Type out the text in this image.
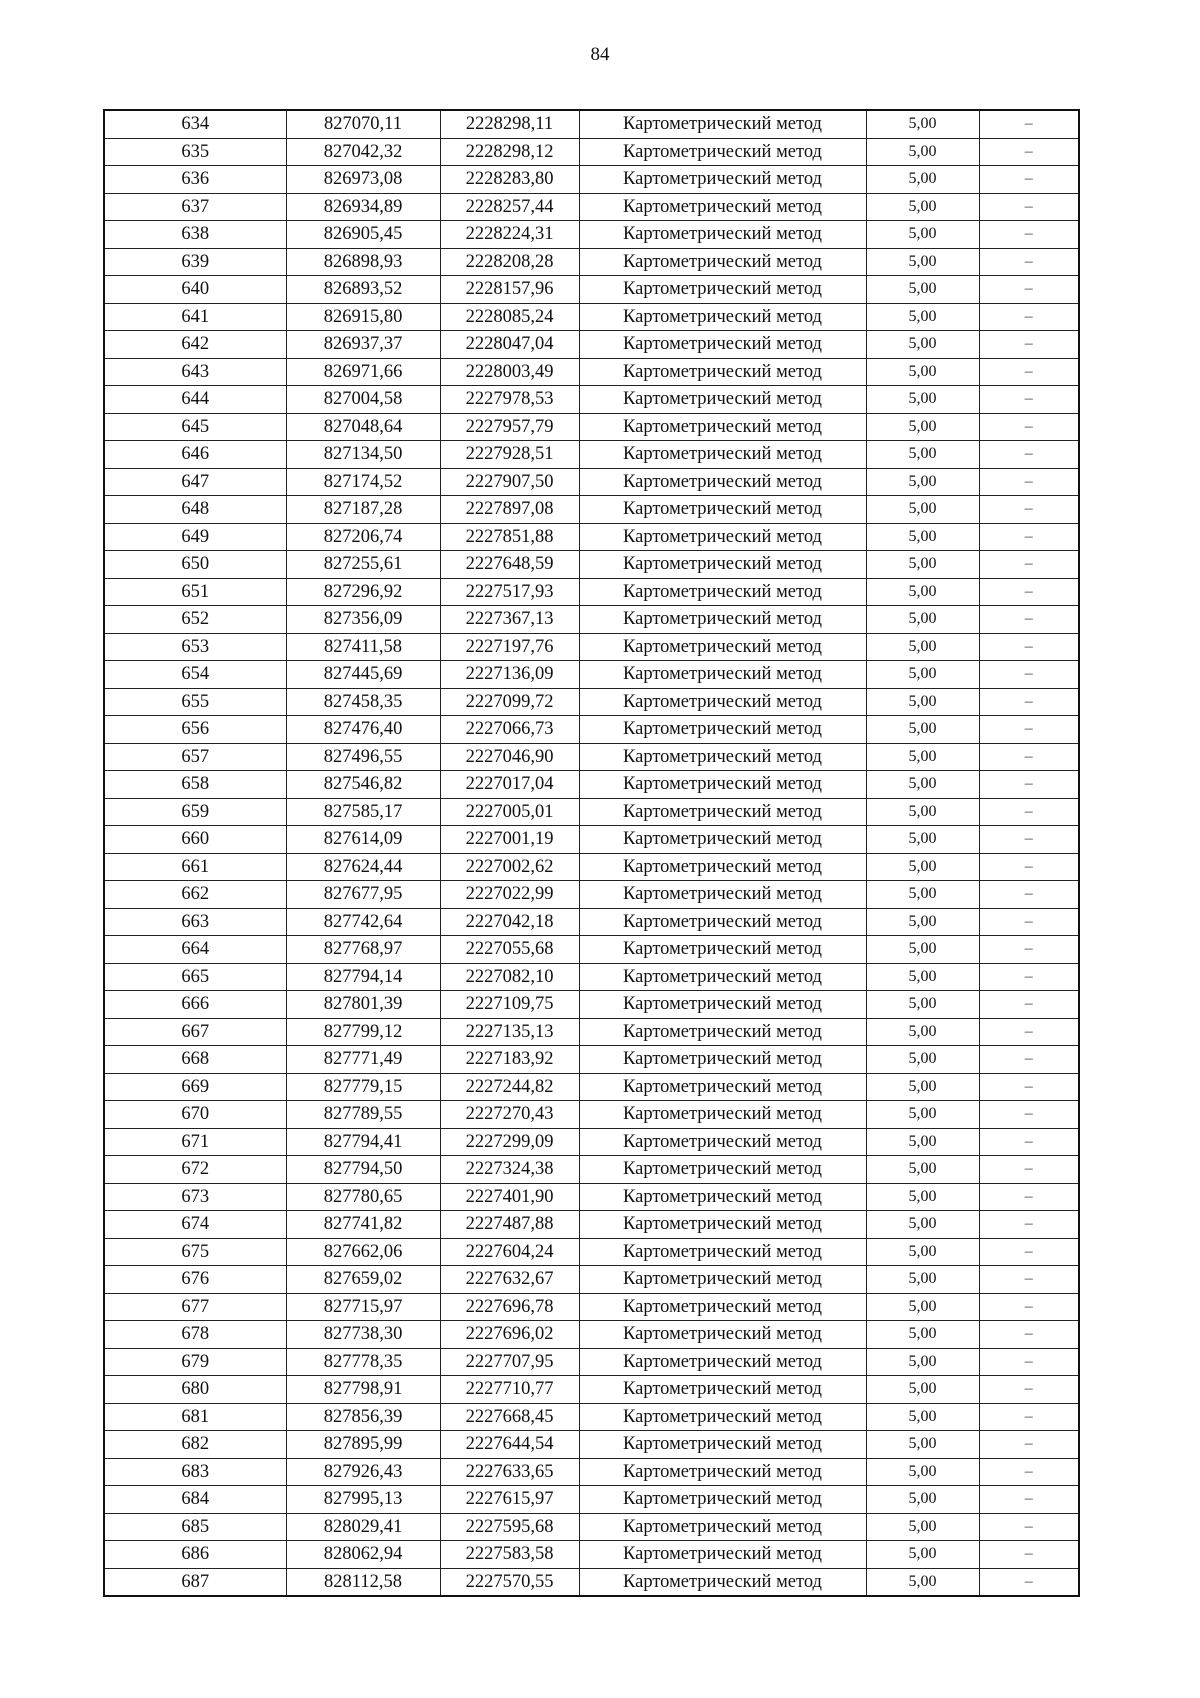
84
634	827070,11	2228298,11	Картометрический метод	5,00	–
635	827042,32	2228298,12	Картометрический метод	5,00	–
636	826973,08	2228283,80	Картометрический метод	5,00	–
637	826934,89	2228257,44	Картометрический метод	5,00	–
638	826905,45	2228224,31	Картометрический метод	5,00	–
639	826898,93	2228208,28	Картометрический метод	5,00	–
640	826893,52	2228157,96	Картометрический метод	5,00	–
641	826915,80	2228085,24	Картометрический метод	5,00	–
642	826937,37	2228047,04	Картометрический метод	5,00	–
643	826971,66	2228003,49	Картометрический метод	5,00	–
644	827004,58	2227978,53	Картометрический метод	5,00	–
645	827048,64	2227957,79	Картометрический метод	5,00	–
646	827134,50	2227928,51	Картометрический метод	5,00	–
647	827174,52	2227907,50	Картометрический метод	5,00	–
648	827187,28	2227897,08	Картометрический метод	5,00	–
649	827206,74	2227851,88	Картометрический метод	5,00	–
650	827255,61	2227648,59	Картометрический метод	5,00	–
651	827296,92	2227517,93	Картометрический метод	5,00	–
652	827356,09	2227367,13	Картометрический метод	5,00	–
653	827411,58	2227197,76	Картометрический метод	5,00	–
654	827445,69	2227136,09	Картометрический метод	5,00	–
655	827458,35	2227099,72	Картометрический метод	5,00	–
656	827476,40	2227066,73	Картометрический метод	5,00	–
657	827496,55	2227046,90	Картометрический метод	5,00	–
658	827546,82	2227017,04	Картометрический метод	5,00	–
659	827585,17	2227005,01	Картометрический метод	5,00	–
660	827614,09	2227001,19	Картометрический метод	5,00	–
661	827624,44	2227002,62	Картометрический метод	5,00	–
662	827677,95	2227022,99	Картометрический метод	5,00	–
663	827742,64	2227042,18	Картометрический метод	5,00	–
664	827768,97	2227055,68	Картометрический метод	5,00	–
665	827794,14	2227082,10	Картометрический метод	5,00	–
666	827801,39	2227109,75	Картометрический метод	5,00	–
667	827799,12	2227135,13	Картометрический метод	5,00	–
668	827771,49	2227183,92	Картометрический метод	5,00	–
669	827779,15	2227244,82	Картометрический метод	5,00	–
670	827789,55	2227270,43	Картометрический метод	5,00	–
671	827794,41	2227299,09	Картометрический метод	5,00	–
672	827794,50	2227324,38	Картометрический метод	5,00	–
673	827780,65	2227401,90	Картометрический метод	5,00	–
674	827741,82	2227487,88	Картометрический метод	5,00	–
675	827662,06	2227604,24	Картометрический метод	5,00	–
676	827659,02	2227632,67	Картометрический метод	5,00	–
677	827715,97	2227696,78	Картометрический метод	5,00	–
678	827738,30	2227696,02	Картометрический метод	5,00	–
679	827778,35	2227707,95	Картометрический метод	5,00	–
680	827798,91	2227710,77	Картометрический метод	5,00	–
681	827856,39	2227668,45	Картометрический метод	5,00	–
682	827895,99	2227644,54	Картометрический метод	5,00	–
683	827926,43	2227633,65	Картометрический метод	5,00	–
684	827995,13	2227615,97	Картометрический метод	5,00	–
685	828029,41	2227595,68	Картометрический метод	5,00	–
686	828062,94	2227583,58	Картометрический метод	5,00	–
687	828112,58	2227570,55	Картометрический метод	5,00	–
